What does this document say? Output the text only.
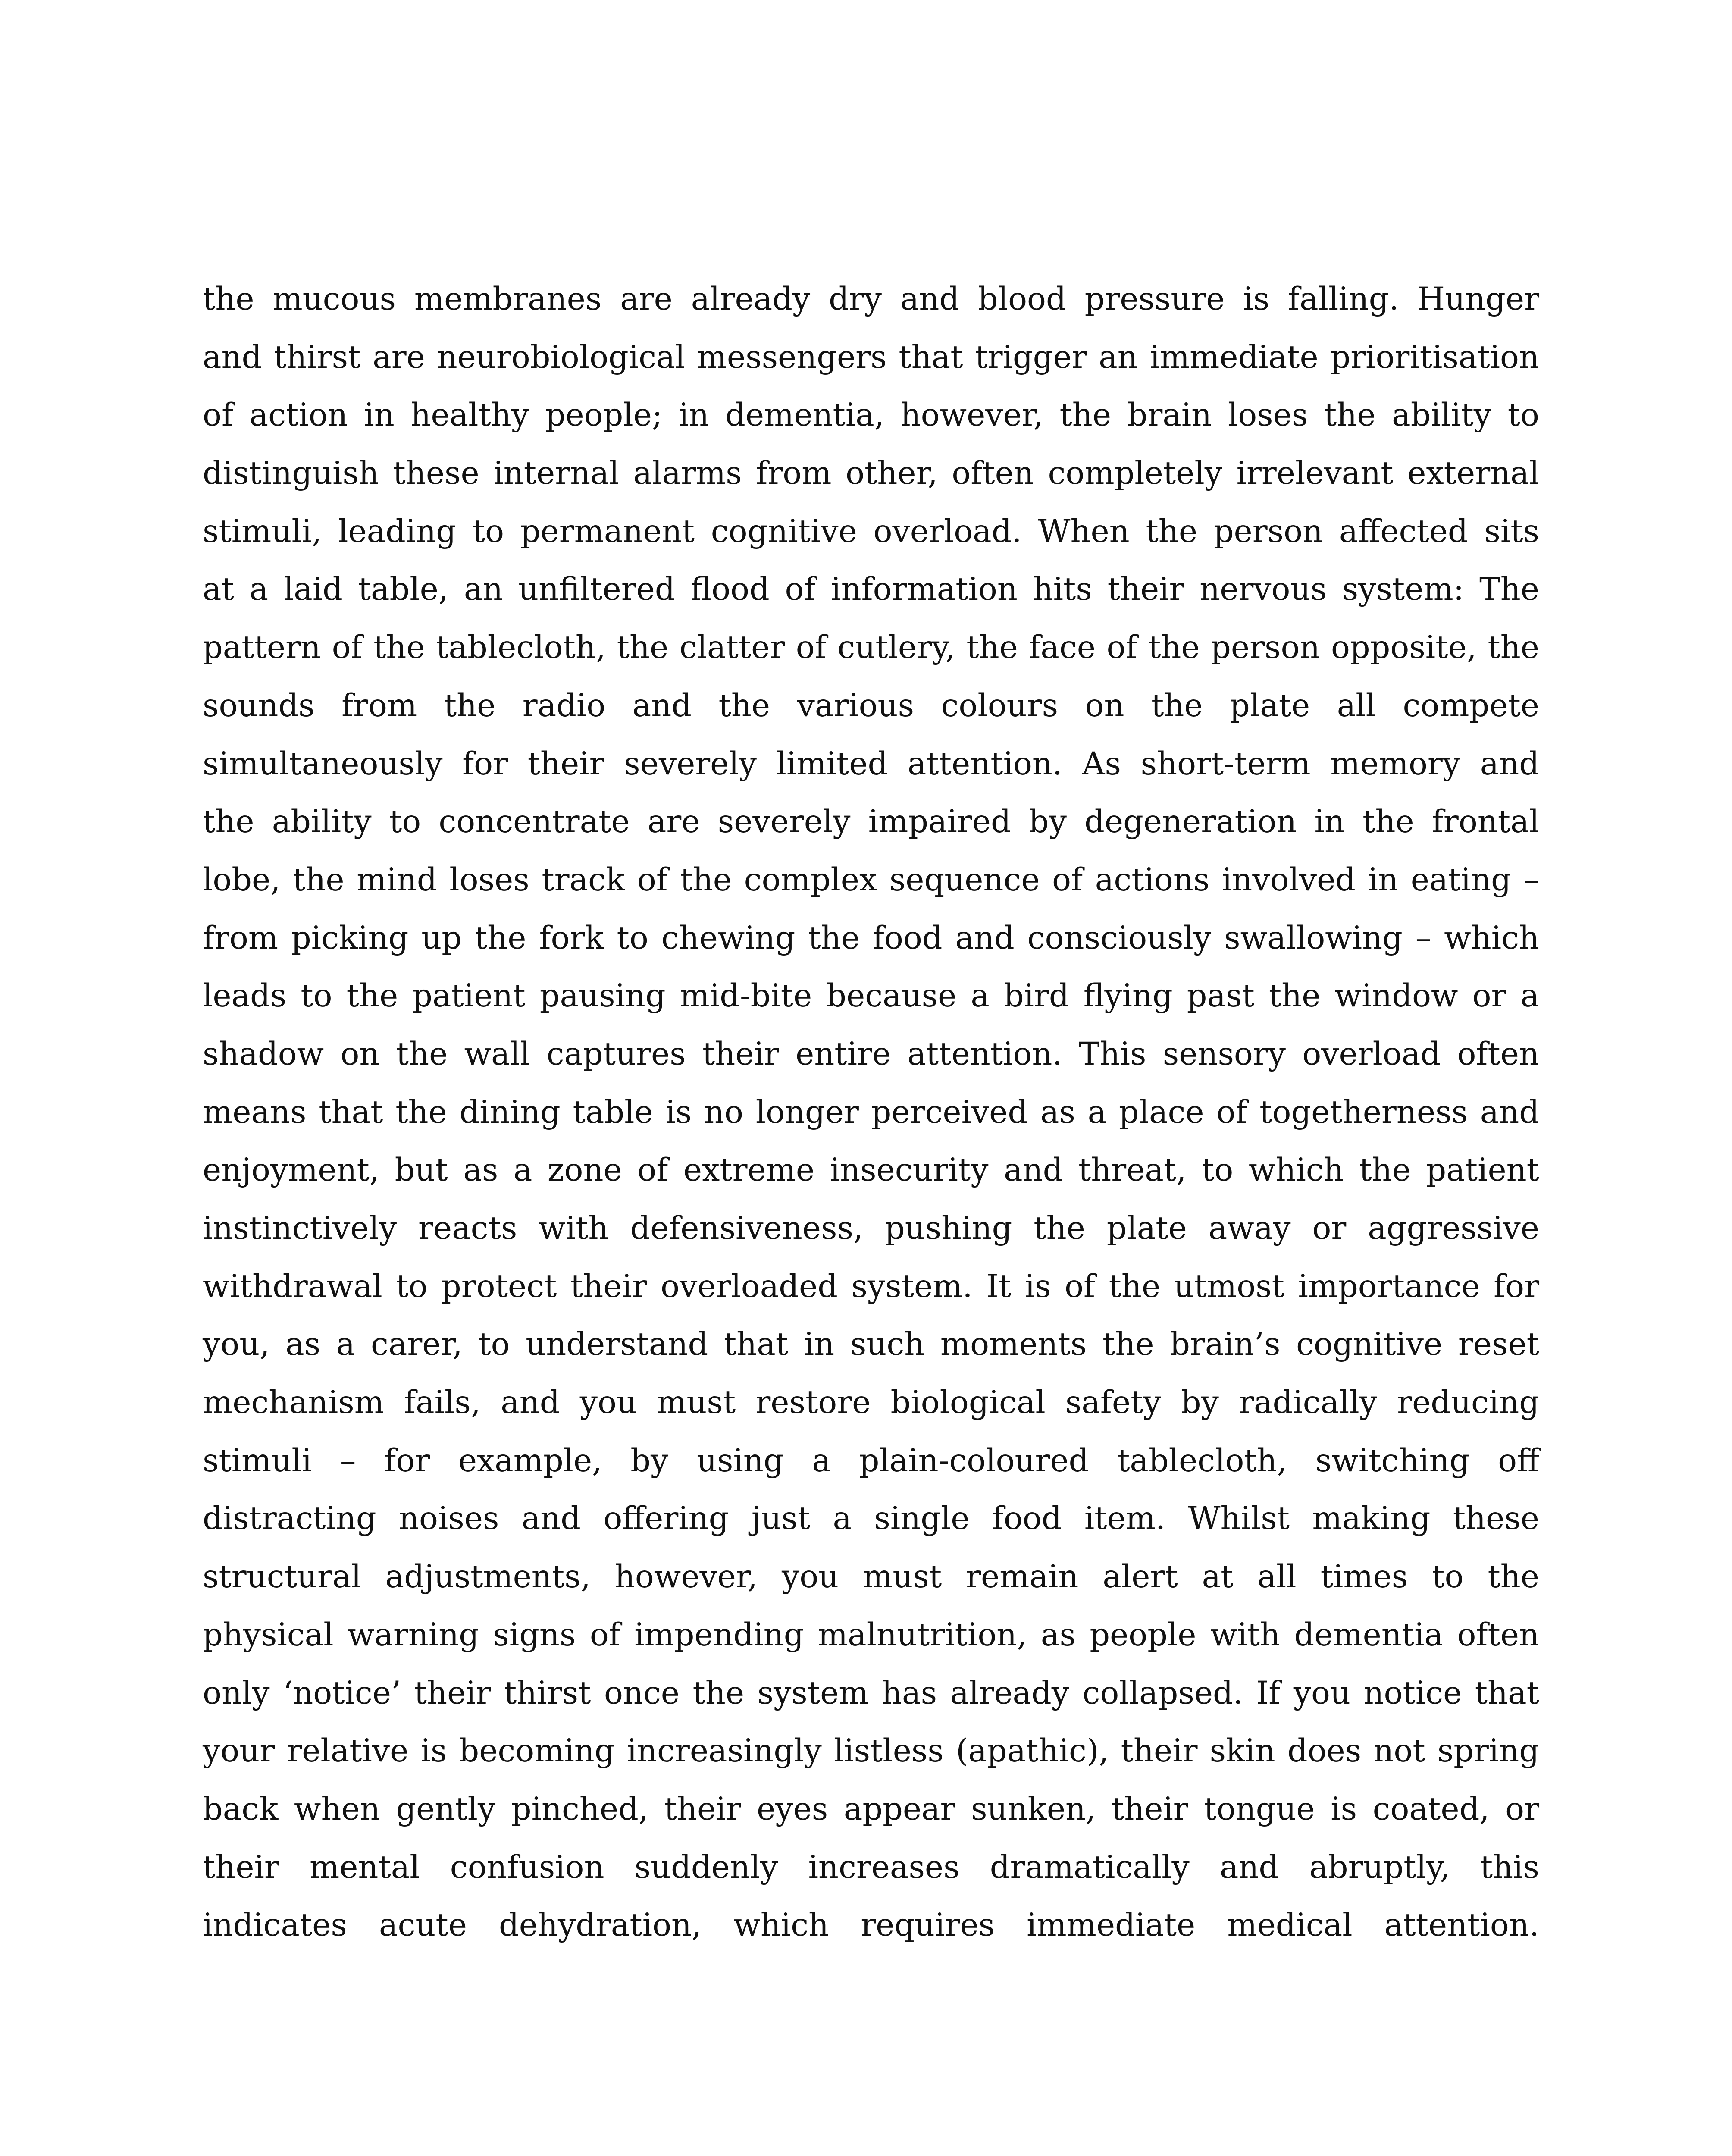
the mucous membranes are already dry and blood pressure is falling. Hunger
and thirst are neurobiological messengers that trigger an immediate prioritisation
of action in healthy people; in dementia, however, the brain loses the ability to
distinguish these internal alarms from other, often completely irrelevant external
stimuli, leading to permanent cognitive overload. When the person affected sits
at a laid table, an unfiltered flood of information hits their nervous system: The
pattern of the tablecloth, the clatter of cutlery, the face of the person opposite, the
sounds from the radio and the various colours on the plate all compete
simultaneously for their severely limited attention. As short-term memory and
the ability to concentrate are severely impaired by degeneration in the frontal
lobe, the mind loses track of the complex sequence of actions involved in eating –
from picking up the fork to chewing the food and consciously swallowing – which
leads to the patient pausing mid-bite because a bird flying past the window or a
shadow on the wall captures their entire attention. This sensory overload often
means that the dining table is no longer perceived as a place of togetherness and
enjoyment, but as a zone of extreme insecurity and threat, to which the patient
instinctively reacts with defensiveness, pushing the plate away or aggressive
withdrawal to protect their overloaded system. It is of the utmost importance for
you, as a carer, to understand that in such moments the brain’s cognitive reset
mechanism fails, and you must restore biological safety by radically reducing
stimuli – for example, by using a plain-coloured tablecloth, switching off
distracting noises and offering just a single food item. Whilst making these
structural adjustments, however, you must remain alert at all times to the
physical warning signs of impending malnutrition, as people with dementia often
only ‘notice’ their thirst once the system has already collapsed. If you notice that
your relative is becoming increasingly listless (apathic), their skin does not spring
back when gently pinched, their eyes appear sunken, their tongue is coated, or
their mental confusion suddenly increases dramatically and abruptly, this
indicates acute dehydration, which requires immediate medical attention.
